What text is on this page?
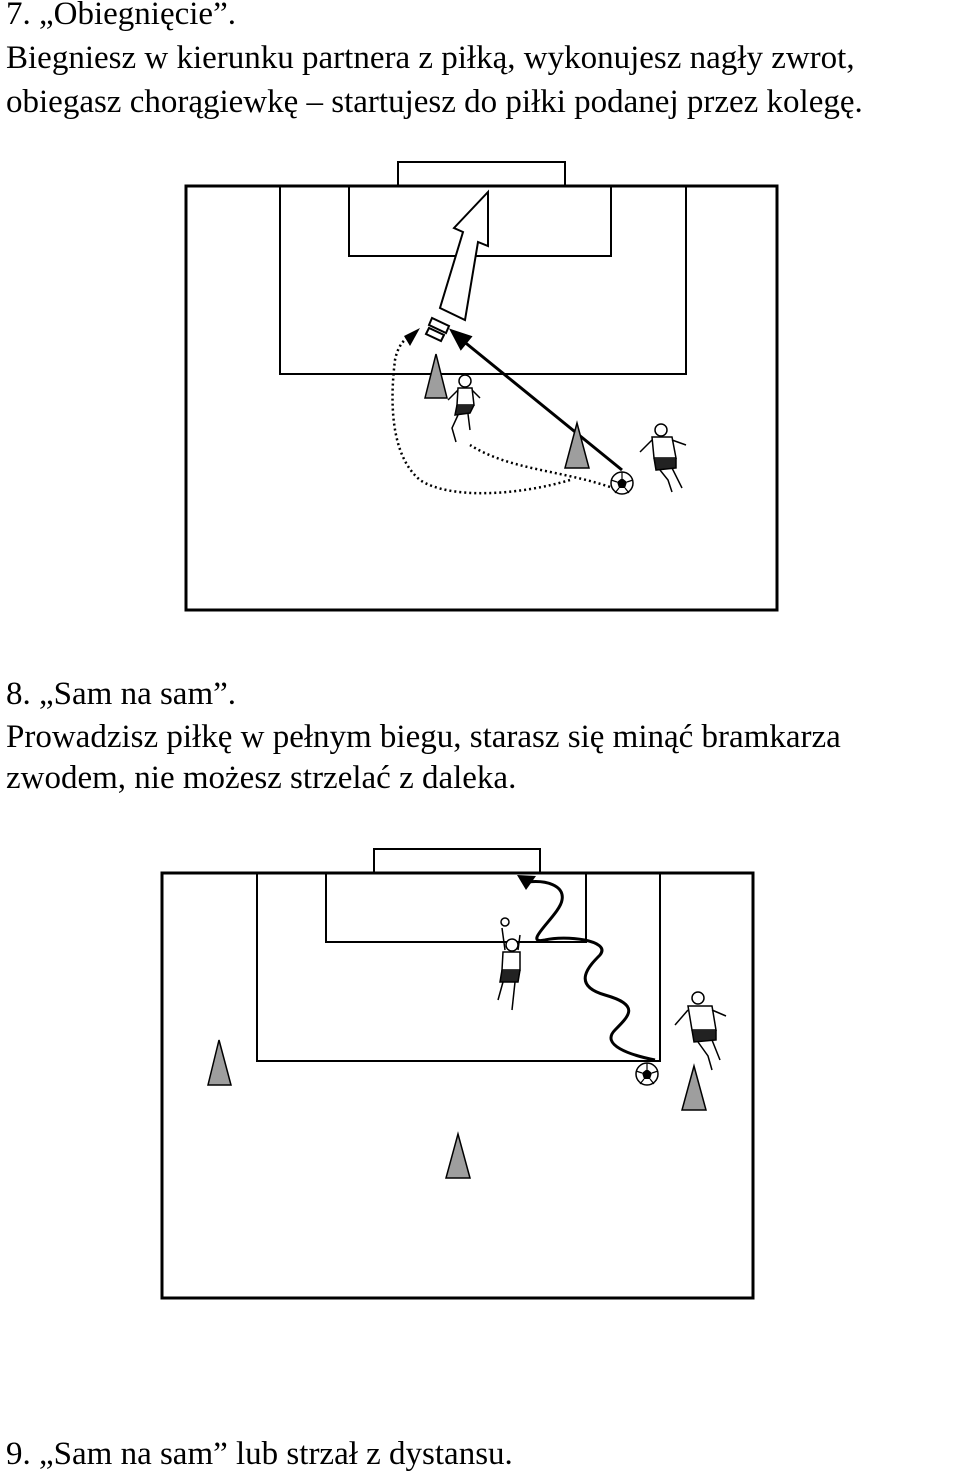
7. „Obiegnięcie”.
Biegniesz w kierunku partnera z piłką, wykonujesz nagły zwrot,
obiegasz chorągiewkę – startujesz do piłki podanej przez kolegę.
8. „Sam na sam”.
Prowadzisz piłkę w pełnym biegu, starasz się minąć bramkarza
zwodem, nie możesz strzelać z daleka.
9. „Sam na sam” lub strzał z dystansu.
